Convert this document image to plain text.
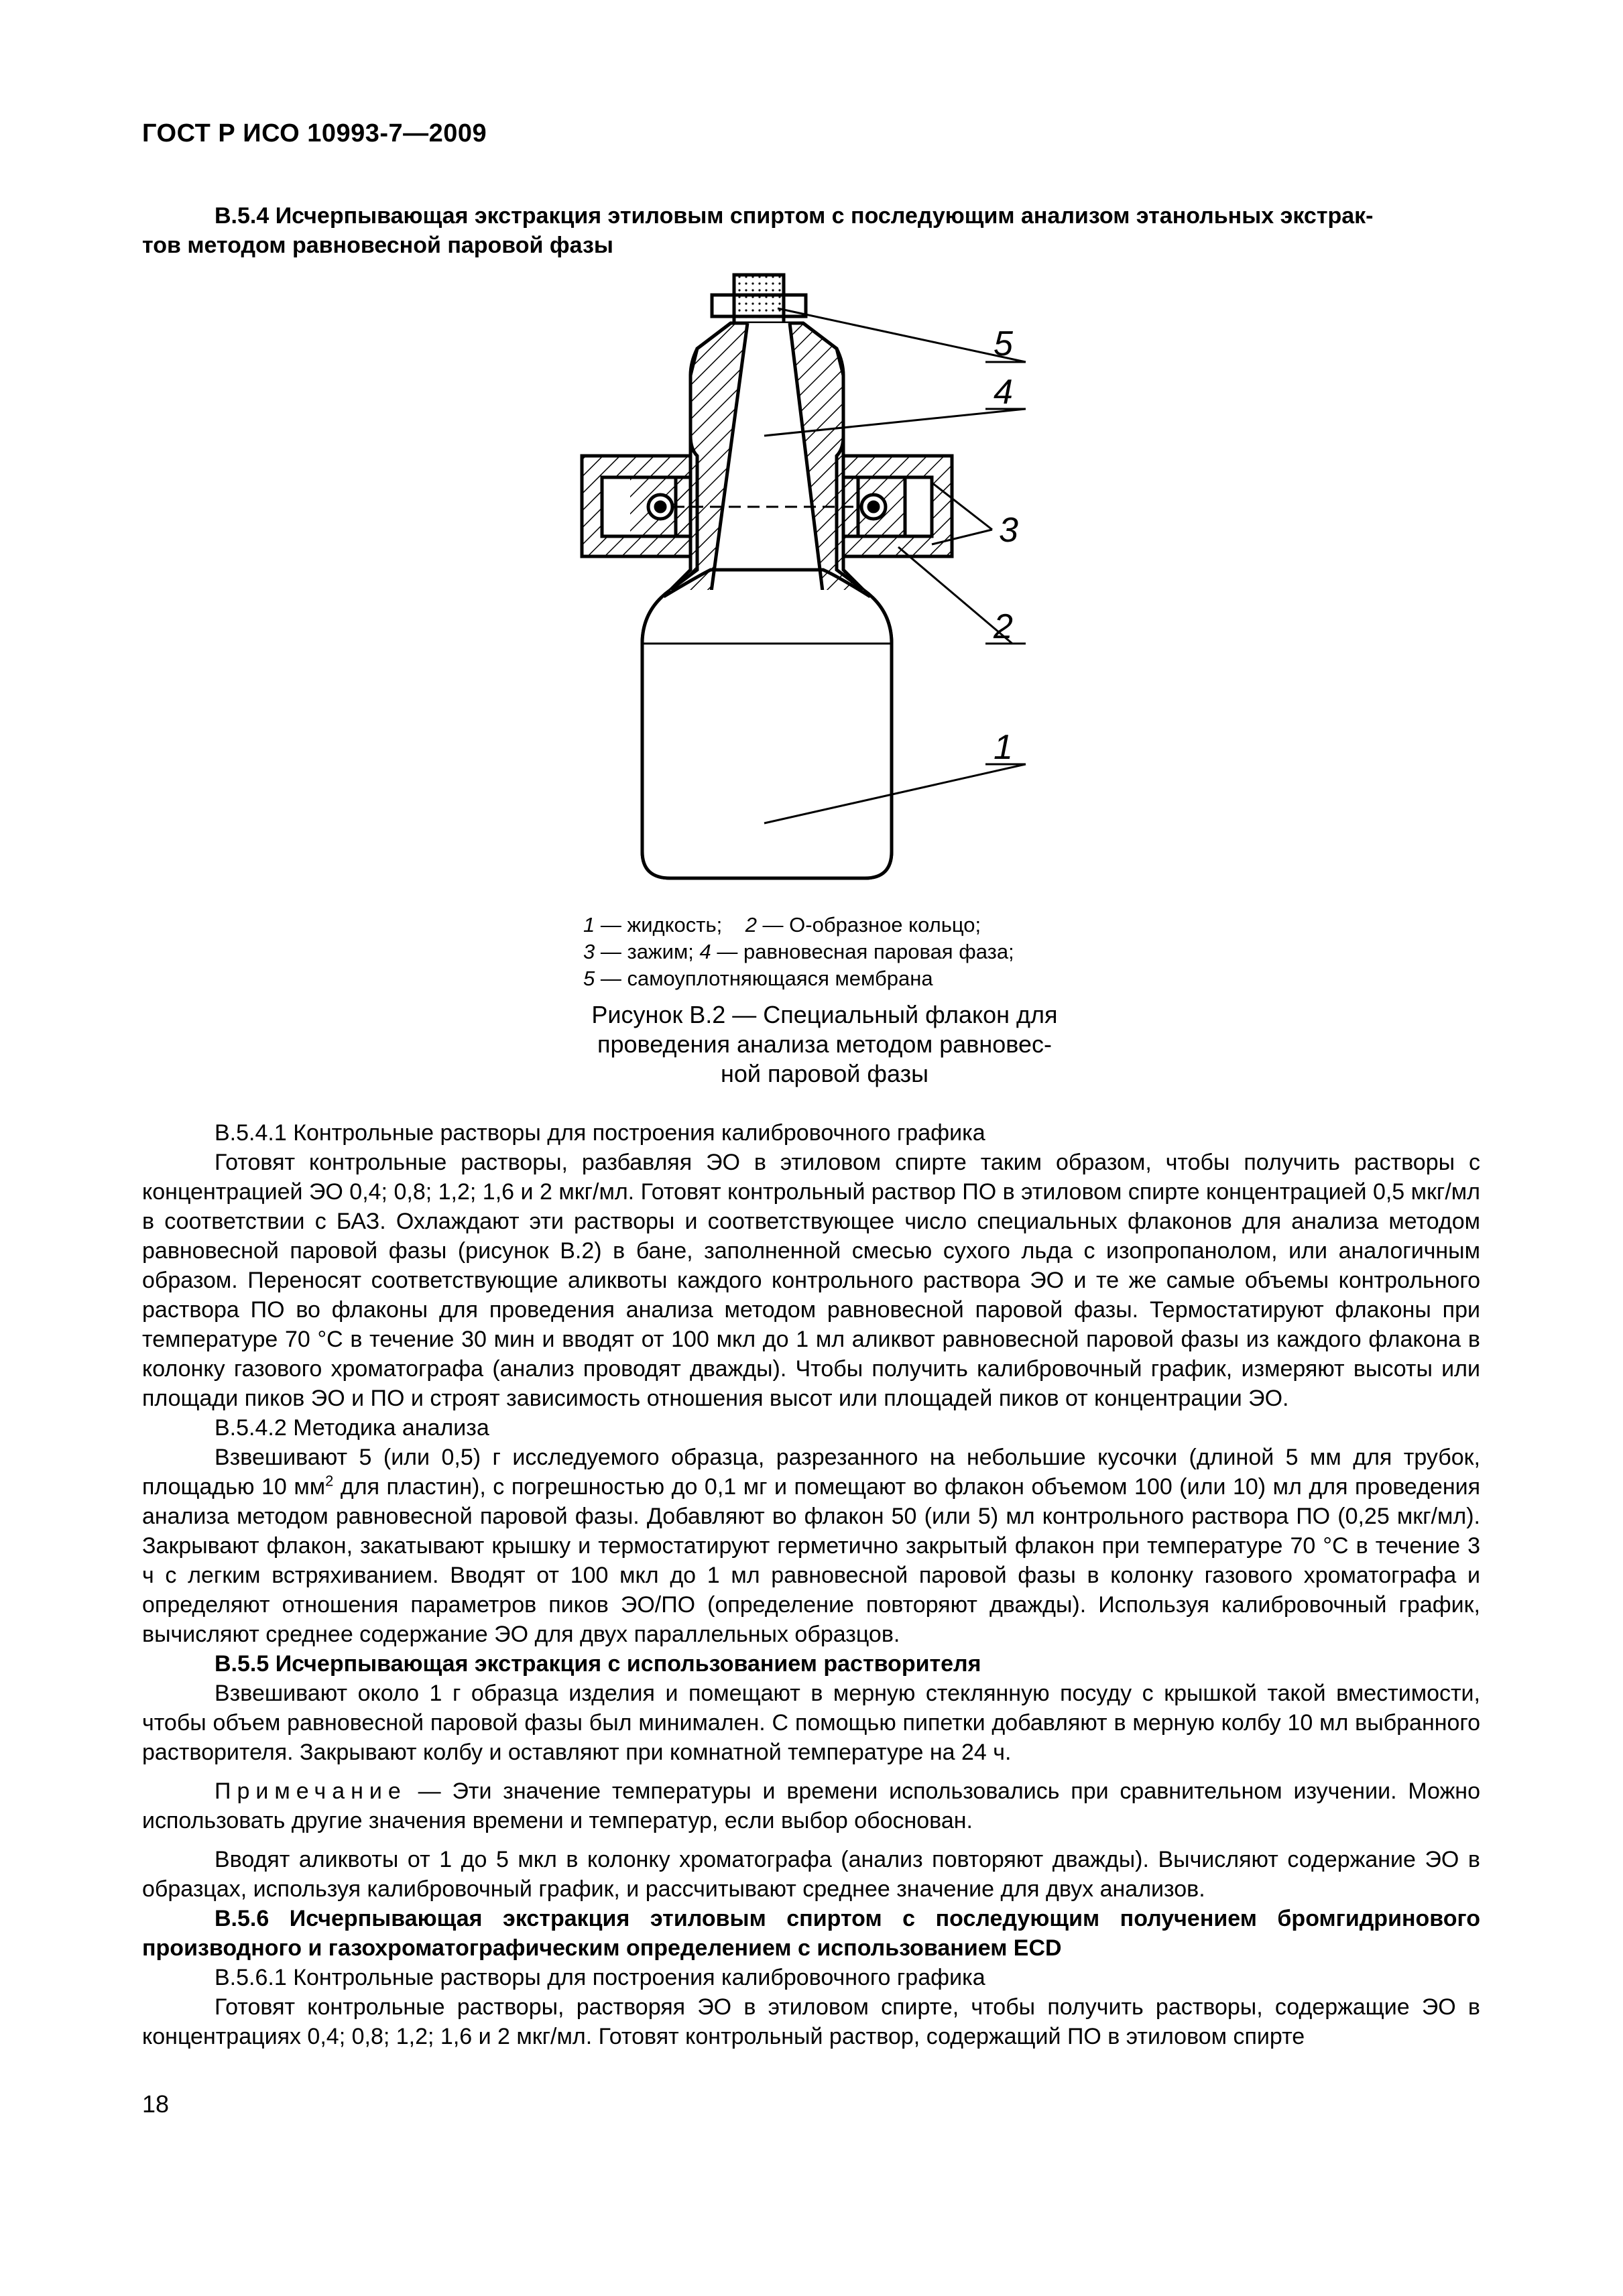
ГОСТ Р ИСО 10993-7—2009
В.5.4 Исчерпывающая экстракция этиловым спиртом с последующим анализом этанольных экстрак-
тов методом равновесной паровой фазы
5
4
3
2
1
1 — жидкость; 2 — О-образное кольцо;
3 — зажим; 4 — равновесная паровая фаза;
5 — самоуплотняющаяся мембрана
Рисунок В.2 — Специальный флакон для
проведения анализа методом равновес-
ной паровой фазы

В.5.4.1 Контрольные растворы для построения калибровочного графика

Готовят контрольные растворы, разбавляя ЭО в этиловом спирте таким образом, чтобы получить растворы с концентрацией ЭО 0,4; 0,8; 1,2; 1,6 и 2 мкг/мл. Готовят контрольный раствор ПО в этиловом спирте концентрацией 0,5 мкг/мл в соответствии с БАЗ. Охлаждают эти растворы и соответствующее число специальных флаконов для анализа методом равновесной паровой фазы (рисунок В.2) в бане, заполненной смесью сухого льда с изопропанолом, или аналогичным образом. Переносят соответствующие аликвоты каждого контрольного раствора ЭО и те же самые объемы контрольного раствора ПО во флаконы для проведения анализа методом равновесной паровой фазы. Термостатируют флаконы при температуре 70 °С в течение 30 мин и вводят от 100 мкл до 1 мл аликвот равновесной паровой фазы из каждого флакона в колонку газового хроматографа (анализ проводят дважды). Чтобы получить калибровочный график, измеряют высоты или площади пиков ЭО и ПО и строят зависимость отношения высот или площадей пиков от концентрации ЭО.

В.5.4.2 Методика анализа

Взвешивают 5 (или 0,5) г исследуемого образца, разрезанного на небольшие кусочки (длиной 5 мм для трубок, площадью 10 $мм^2$ для пластин), с погрешностью до 0,1 мг и помещают во флакон объемом 100 (или 10) мл для проведения анализа методом равновесной паровой фазы. Добавляют во флакон 50 (или 5) мл контрольного раствора ПО (0,25 мкг/мл). Закрывают флакон, закатывают крышку и термостатируют герметично закрытый флакон при температуре 70 °С в течение 3 ч с легким встряхиванием. Вводят от 100 мкл до 1 мл равновесной паровой фазы в колонку газового хроматографа и определяют отношения параметров пиков ЭО/ПО (определение повторяют дважды). Используя калибровочный график, вычисляют среднее содержание ЭО для двух параллельных образцов.

В.5.5 Исчерпывающая экстракция с использованием растворителя

Взвешивают около 1 г образца изделия и помещают в мерную стеклянную посуду с крышкой такой вместимости, чтобы объем равновесной паровой фазы был минимален. С помощью пипетки добавляют в мерную колбу 10 мл выбранного растворителя. Закрывают колбу и оставляют при комнатной температуре на 24 ч.

Примечание — Эти значение температуры и времени использовались при сравнительном изучении. Можно использовать другие значения времени и температур, если выбор обоснован.

Вводят аликвоты от 1 до 5 мкл в колонку хроматографа (анализ повторяют дважды). Вычисляют содержание ЭО в образцах, используя калибровочный график, и рассчитывают среднее значение для двух анализов.

В.5.6 Исчерпывающая экстракция этиловым спиртом с последующим получением бромгидринового производного и газохроматографическим определением с использованием ECD

В.5.6.1 Контрольные растворы для построения калибровочного графика

Готовят контрольные растворы, растворяя ЭО в этиловом спирте, чтобы получить растворы, содержащие ЭО в концентрациях 0,4; 0,8; 1,2; 1,6 и 2 мкг/мл. Готовят контрольный раствор, содержащий ПО в этиловом спирте

18
